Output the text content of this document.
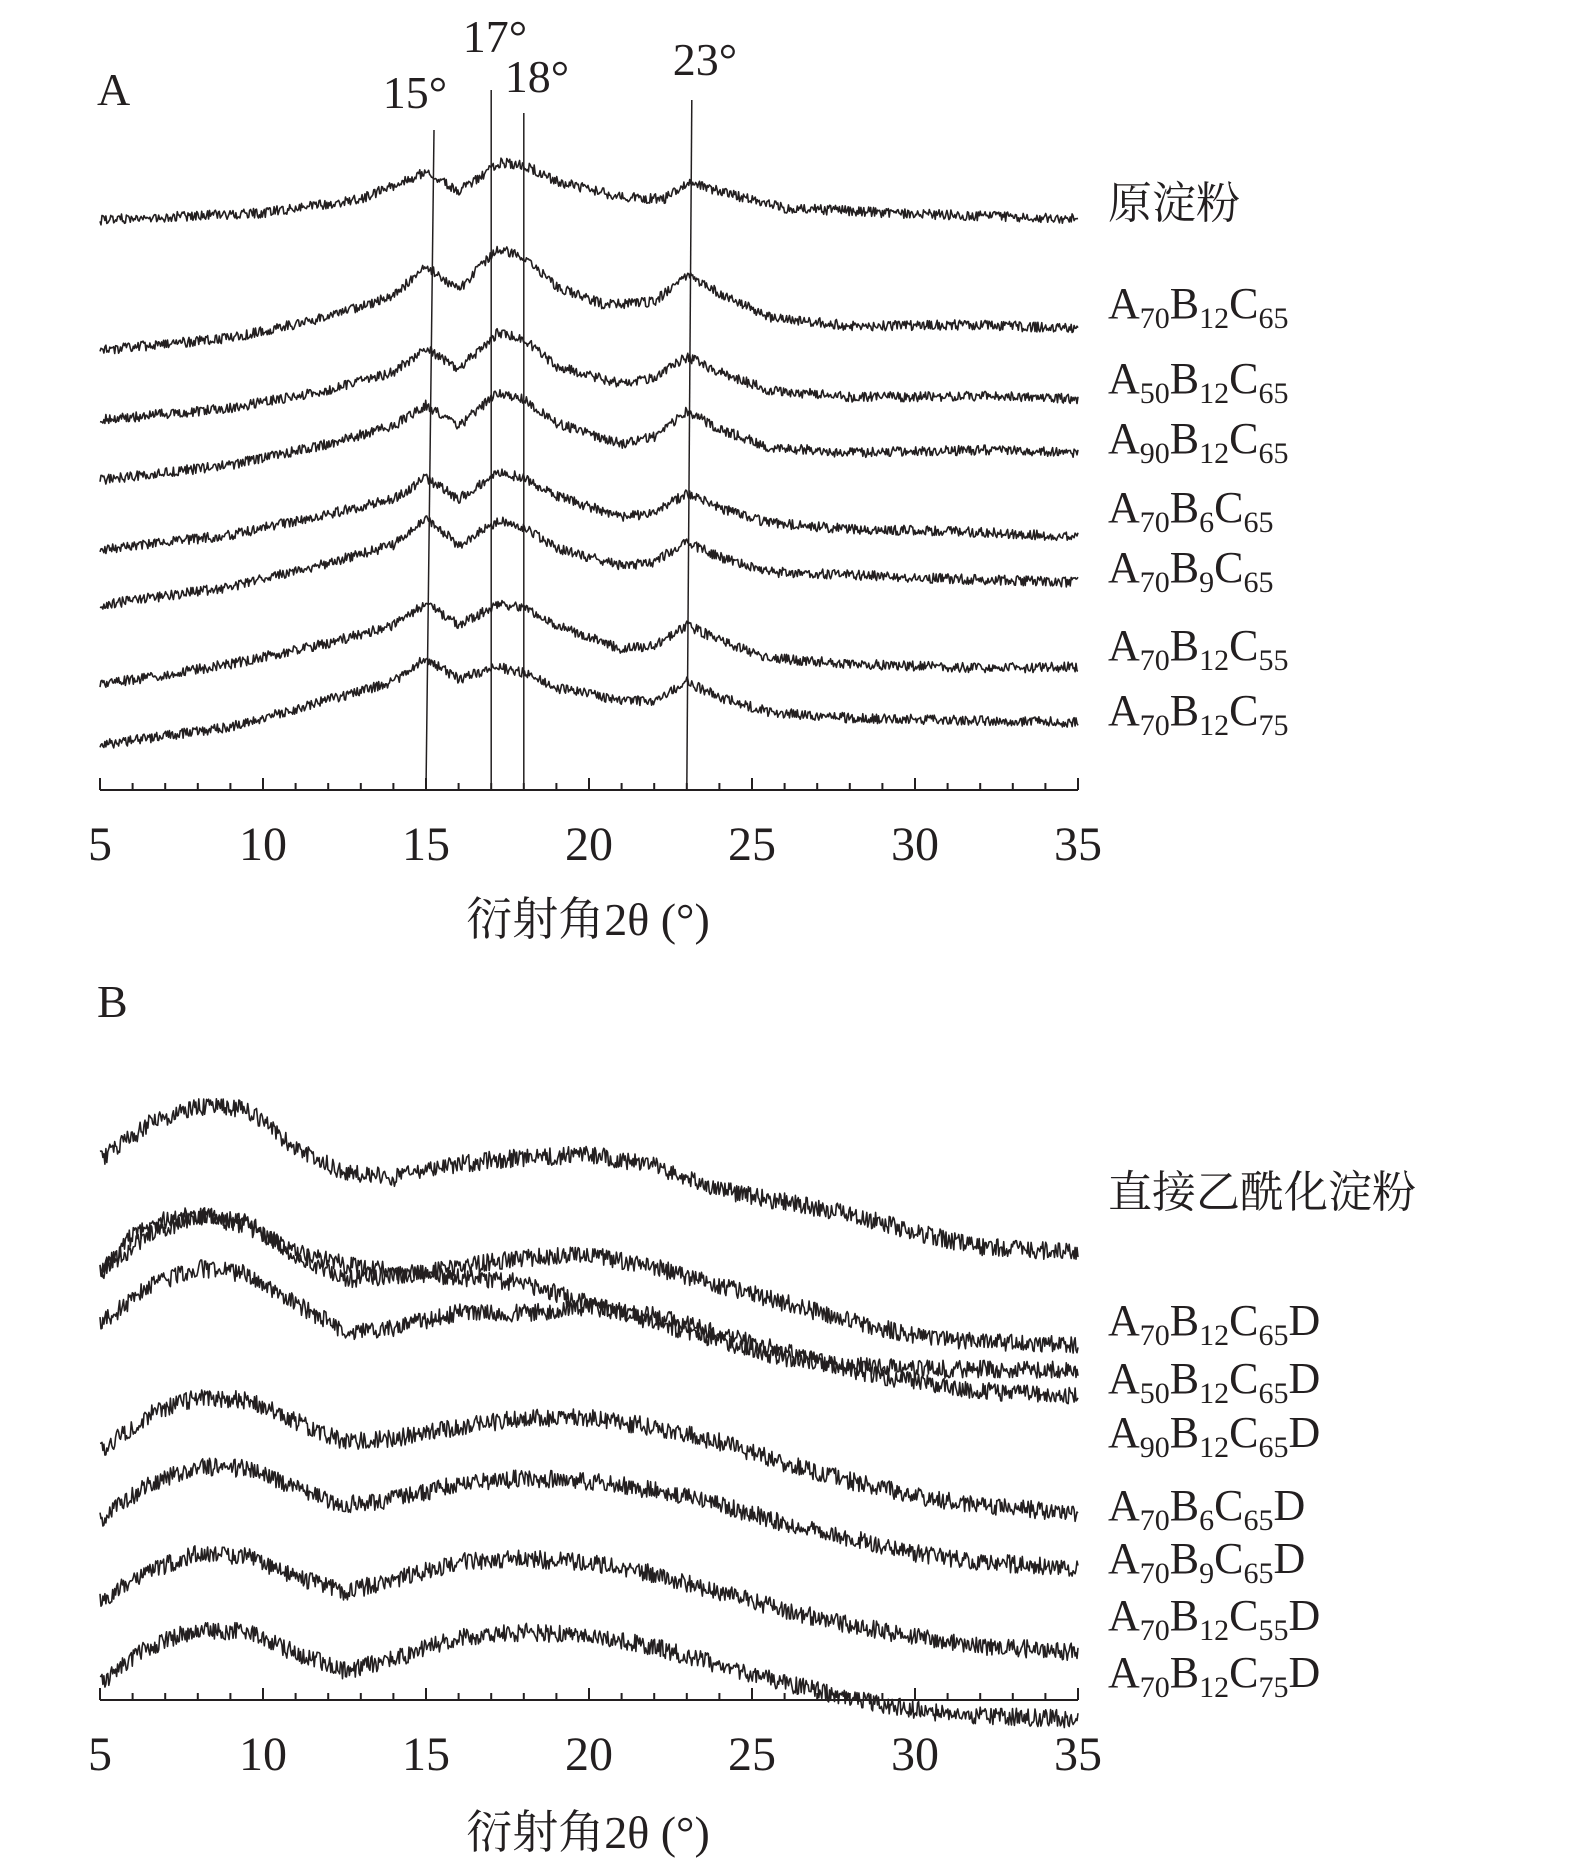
A
原淀粉
$A_{70}B_{12}C_{65}$
$A_{50}B_{12}C_{65}$
$A_{90}B_{12}C_{65}$
$A_{70}B_6C_{65}$
$A_{70}B_9C_{65}$
$A_{70}B_{12}C_{55}$
$A_{70}B_{12}C_{75}$
15°
17°
18° 23°
5	10 15 20 25 30 35
衍射角2θ (°)
B
直接乙酰化淀粉
$A_{70}B_{12}C_{65}D$
$A_{50}B_{12}C_{65}D$
$A_{90}B_{12}C_{65}D$
$A_{70}B_6C_{65}D$
$A_{70}B_9C_{65}D$
$A_{70}B_{12}C_{55}D$
$A_{70}B_{12}C_{75}D$
5	10 15 20 25 30 35
衍射角2θ (°)
